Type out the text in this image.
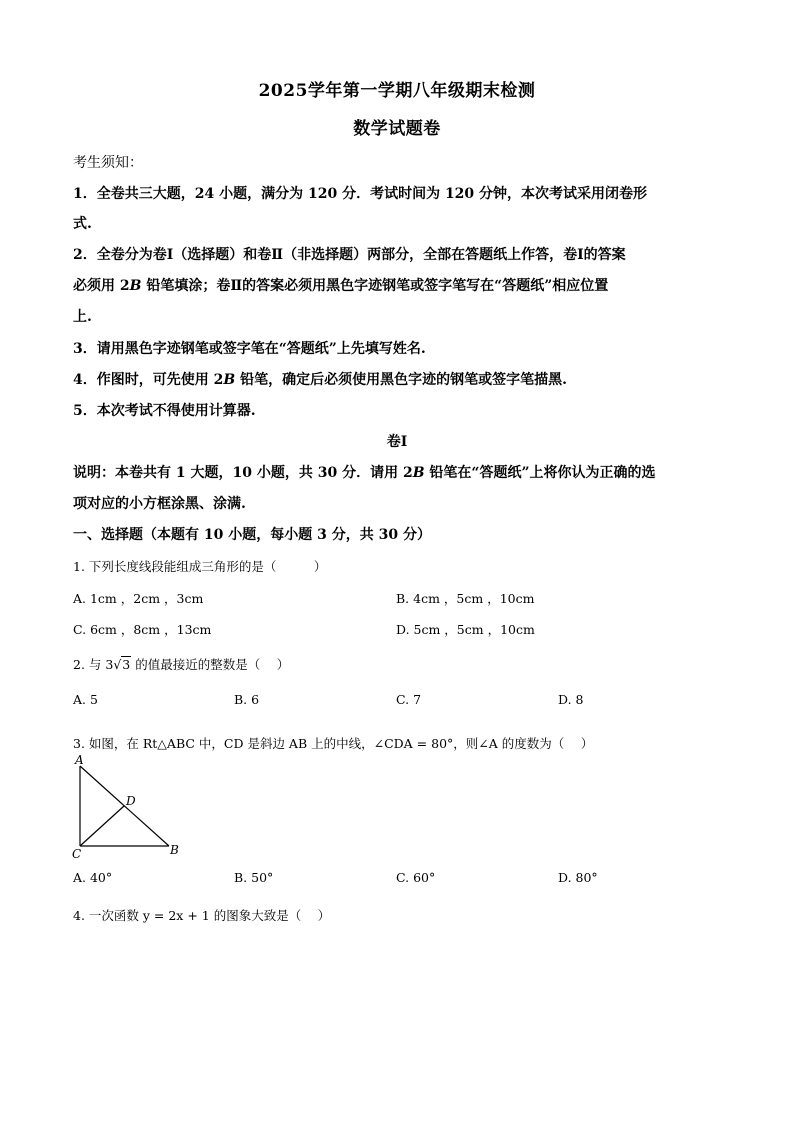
2025学年第一学期八年级期末检测
数学试题卷
考生须知：
1．全卷共三大题，24 小题，满分为 120 分．考试时间为 120 分钟，本次考试采用闭卷形
式.
2．全卷分为卷Ⅰ（选择题）和卷Ⅱ（非选择题）两部分，全部在答题纸上作答，卷Ⅰ的答案
必须用 2B 铅笔填涂；卷Ⅱ的答案必须用黑色字迹钢笔或签字笔写在“答题纸”相应位置
上.
3．请用黑色字迹钢笔或签字笔在“答题纸”上先填写姓名.
4．作图时，可先使用 2B 铅笔，确定后必须使用黑色字迹的钢笔或签字笔描黑.
5．本次考试不得使用计算器.
卷Ⅰ
说明：本卷共有 1 大题，10 小题，共 30 分．请用 2B 铅笔在“答题纸”上将你认为正确的选
项对应的小方框涂黑、涂满.
一、选择题（本题有 10 小题，每小题 3 分，共 30 分）
1. 下列长度线段能组成三角形的是（　　　）
A. 1cm ，2cm ，3cm	B. 4cm ，5cm ，10cm
C. 6cm ，8cm ，13cm	D. 5cm ，5cm ，10cm
2. 与 3√3 的值最接近的整数是（　 ）
A. 5	B. 6	C. 7	D. 8
3. 如图，在 Rt△ABC 中，CD 是斜边 AB 上的中线，∠CDA = 80°，则∠A 的度数为（　 ）
A
D
C	B
A. 40°	B. 50°	C. 60°	D. 80°
4. 一次函数 y = 2x + 1 的图象大致是（　 ）
